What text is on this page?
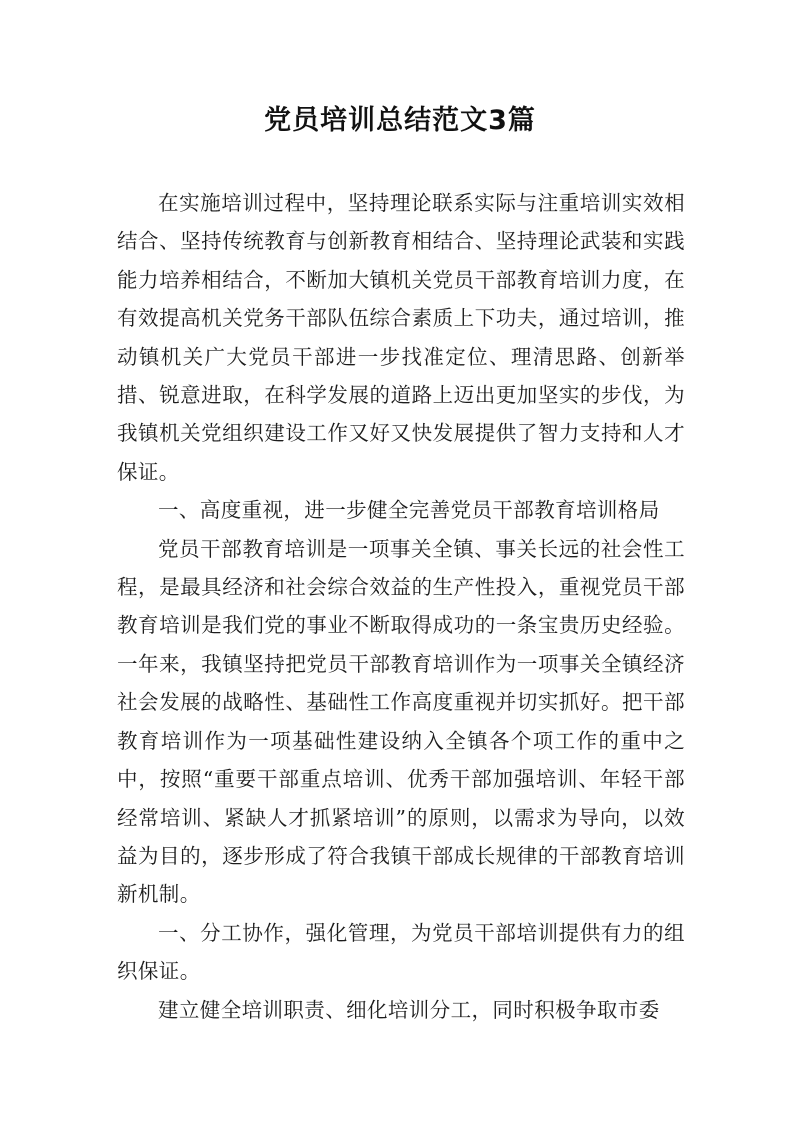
党员培训总结范文3篇

在实施培训过程中，坚持理论联系实际与注重培训实效相结合、坚持传统教育与创新教育相结合、坚持理论武装和实践能力培养相结合，不断加大镇机关党员干部教育培训力度，在有效提高机关党务干部队伍综合素质上下功夫，通过培训，推动镇机关广大党员干部进一步找准定位、理清思路、创新举措、锐意进取，在科学发展的道路上迈出更加坚实的步伐，为我镇机关党组织建设工作又好又快发展提供了智力支持和人才保证。

一、高度重视，进一步健全完善党员干部教育培训格局

党员干部教育培训是一项事关全镇、事关长远的社会性工程，是最具经济和社会综合效益的生产性投入，重视党员干部教育培训是我们党的事业不断取得成功的一条宝贵历史经验。一年来，我镇坚持把党员干部教育培训作为一项事关全镇经济社会发展的战略性、基础性工作高度重视并切实抓好。把干部教育培训作为一项基础性建设纳入全镇各个项工作的重中之中，按照“重要干部重点培训、优秀干部加强培训、年轻干部经常培训、紧缺人才抓紧培训”的原则，以需求为导向，以效益为目的，逐步形成了符合我镇干部成长规律的干部教育培训新机制。

一、分工协作，强化管理，为党员干部培训提供有力的组织保证。

建立健全培训职责、细化培训分工，同时积极争取市委
